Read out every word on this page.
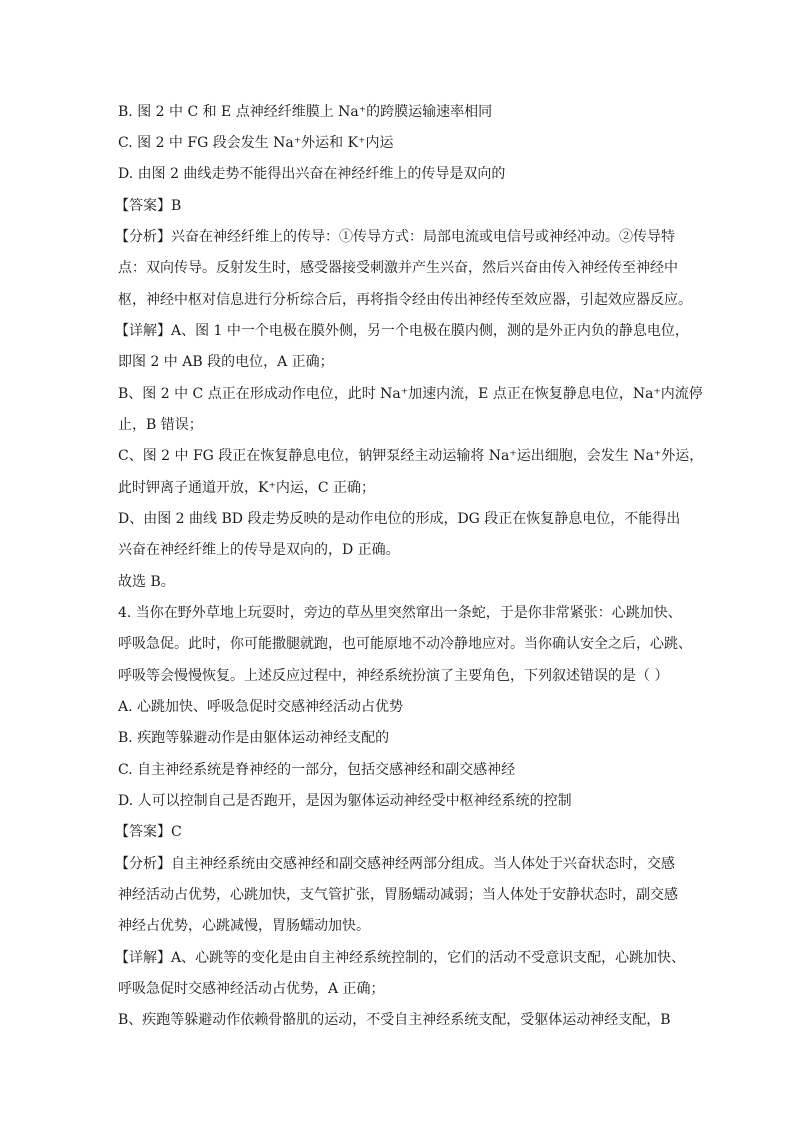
B. 图 2 中 C 和 E 点神经纤维膜上 Na⁺的跨膜运输速率相同
C. 图 2 中 FG 段会发生 Na⁺外运和 K⁺内运
D. 由图 2 曲线走势不能得出兴奋在神经纤维上的传导是双向的
【答案】B
【分析】兴奋在神经纤维上的传导：①传导方式：局部电流或电信号或神经冲动。②传导特
点：双向传导。反射发生时，感受器接受刺激并产生兴奋，然后兴奋由传入神经传至神经中
枢，神经中枢对信息进行分析综合后，再将指令经由传出神经传至效应器，引起效应器反应。
【详解】A、图 1 中一个电极在膜外侧，另一个电极在膜内侧，测的是外正内负的静息电位，
即图 2 中 AB 段的电位，A 正确；
B、图 2 中 C 点正在形成动作电位，此时 Na⁺加速内流，E 点正在恢复静息电位，Na⁺内流停
止，B 错误；
C、图 2 中 FG 段正在恢复静息电位，钠钾泵经主动运输将 Na⁺运出细胞，会发生 Na⁺外运，
此时钾离子通道开放，K⁺内运，C 正确；
D、由图 2 曲线 BD 段走势反映的是动作电位的形成，DG 段正在恢复静息电位，不能得出
兴奋在神经纤维上的传导是双向的，D 正确。
故选 B。
4. 当你在野外草地上玩耍时，旁边的草丛里突然窜出一条蛇，于是你非常紧张：心跳加快、
呼吸急促。此时，你可能撒腿就跑，也可能原地不动冷静地应对。当你确认安全之后，心跳、
呼吸等会慢慢恢复。上述反应过程中，神经系统扮演了主要角色，下列叙述错误的是（ ）
A. 心跳加快、呼吸急促时交感神经活动占优势
B. 疾跑等躲避动作是由躯体运动神经支配的
C. 自主神经系统是脊神经的一部分，包括交感神经和副交感神经
D. 人可以控制自己是否跑开，是因为躯体运动神经受中枢神经系统的控制
【答案】C
【分析】自主神经系统由交感神经和副交感神经两部分组成。当人体处于兴奋状态时，交感
神经活动占优势，心跳加快，支气管扩张，胃肠蠕动减弱；当人体处于安静状态时，副交感
神经占优势，心跳减慢，胃肠蠕动加快。
【详解】A、心跳等的变化是由自主神经系统控制的，它们的活动不受意识支配，心跳加快、
呼吸急促时交感神经活动占优势，A 正确；
B、疾跑等躲避动作依赖骨骼肌的运动，不受自主神经系统支配，受躯体运动神经支配，B
